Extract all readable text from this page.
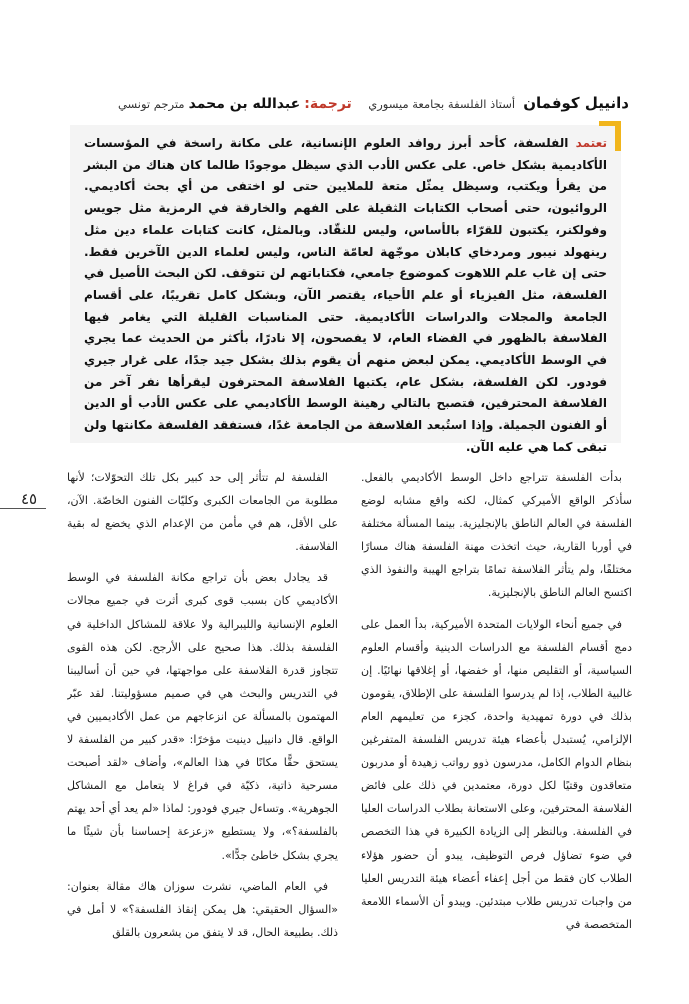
دانييل كوفمان أستاذ الفلسفة بجامعة ميسوري   ترجمة: عبدالله بن محمد مترجم تونسي
تعتمد الفلسفة، كأحد أبرز روافد العلوم الإنسانية، على مكانة راسخة في المؤسسات الأكاديمية بشكل خاص. على عكس الأدب الذي سيظل موجودًا طالما كان هناك من البشر من يقرأ ويكتب، وسيظل يمثّل متعة للملايين حتى لو اختفى من أي بحث أكاديمي. الروائيون، حتى أصحاب الكتابات الثقيلة على الفهم والخارقة في الرمزية مثل جويس وفولكنر، يكتبون للقرّاء بالأساس، وليس للنقّاد. وبالمثل، كانت كتابات علماء دين مثل رينهولد نيبور ومردخاي كابلان موجّهة لعامّة الناس، وليس لعلماء الدين الآخرين فقط. حتى إن غاب علم اللاهوت كموضوع جامعي، فكتاباتهم لن تتوقف. لكن البحث الأصيل في الفلسفة، مثل الفيزياء أو علم الأحياء، يقتصر الآن، وبشكل كامل تقريبًا، على أقسام الجامعة والمجلات والدراسات الأكاديمية. حتى المناسبات القليلة التي يغامر فيها الفلاسفة بالظهور في الفضاء العام، لا يفصحون، إلا نادرًا، بأكثر من الحديث عما يجري في الوسط الأكاديمي. يمكن لبعض منهم أن يقوم بذلك بشكل جيد جدًا، على غرار جيري فودور. لكن الفلسفة، بشكل عام، يكتبها الفلاسفة المحترفون ليقرأها نفر آخر من الفلاسفة المحترفين، فتصبح بالتالي رهينة الوسط الأكاديمي على عكس الأدب أو الدين أو الفنون الجميلة. وإذا استُبعد الفلاسفة من الجامعة غدًا، فستفقد الفلسفة مكانتها ولن تبقى كما هي عليه الآن.

بدأت الفلسفة تتراجع داخل الوسط الأكاديمي بالفعل. سأذكر الواقع الأميركي كمثال، لكنه واقع مشابه لوضع الفلسفة في العالم الناطق بالإنجليزية. بينما المسألة مختلفة في أوربا القارية، حيث اتخذت مهنة الفلسفة هناك مسارًا مختلفًا، ولم يتأثر الفلاسفة تمامًا بتراجع الهيبة والنفوذ الذي اكتسح العالم الناطق بالإنجليزية.

في جميع أنحاء الولايات المتحدة الأميركية، بدأ العمل على دمج أقسام الفلسفة مع الدراسات الدينية وأقسام العلوم السياسية، أو التقليص منها، أو خفضها، أو إغلاقها نهائيًا. إن غالبية الطلاب، إذا لم يدرسوا الفلسفة على الإطلاق، يقومون بذلك في دورة تمهيدية واحدة، كجزء من تعليمهم العام الإلزامي، يُستبدل بأعضاء هيئة تدريس الفلسفة المتفرغين بنظام الدوام الكامل، مدرسون ذوو رواتب زهيدة أو مدربون متعاقدون وقتيًا لكل دورة، معتمدين في ذلك على فائض الفلاسفة المحترفين، وعلى الاستعانة بطلاب الدراسات العليا في الفلسفة. وبالنظر إلى الزيادة الكبيرة في هذا التخصص في ضوء تضاؤل فرص التوظيف، يبدو أن حضور هؤلاء الطلاب كان فقط من أجل إعفاء أعضاء هيئة التدريس العليا من واجبات تدريس طلاب مبتدئين. ويبدو أن الأسماء اللامعة المتخصصة في

الفلسفة لم تتأثر إلى حد كبير بكل تلك التحوّلات؛ لأنها مطلوبة من الجامعات الكبرى وكليّات الفنون الخاصّة. الآن، على الأقل، هم في مأمن من الإعدام الذي يخضع له بقية الفلاسفة.

قد يجادل بعض بأن تراجع مكانة الفلسفة في الوسط الأكاديمي كان بسبب قوى كبرى أثرت في جميع مجالات العلوم الإنسانية والليبرالية ولا علاقة للمشاكل الداخلية في الفلسفة بذلك. هذا صحيح على الأرجح. لكن هذه القوى تتجاوز قدرة الفلاسفة على مواجهتها، في حين أن أساليبنا في التدريس والبحث هي في صميم مسؤوليتنا. لقد عبّر المهتمون بالمسألة عن انزعاجهم من عمل الأكاديميين في الواقع. قال دانييل دينيت مؤخرًا: «قدر كبير من الفلسفة لا يستحق حقًّا مكانًا في هذا العالم»، وأضاف «لقد أصبحت مسرحية ذاتية، ذكيّة في فراغ لا يتعامل مع المشاكل الجوهرية». وتساءل جيري فودور: لماذا «لم يعد أي أحد يهتم بالفلسفة؟»، ولا يستطيع «زعزعة إحساسنا بأن شيئًا ما يجري بشكل خاطئ جدًّا».

في العام الماضي، نشرت سوزان هاك مقالة بعنوان: «السؤال الحقيقي: هل يمكن إنقاذ الفلسفة؟» لا أمل في ذلك. بطبيعة الحال، قد لا يتفق من يشعرون بالقلق

٤٥
